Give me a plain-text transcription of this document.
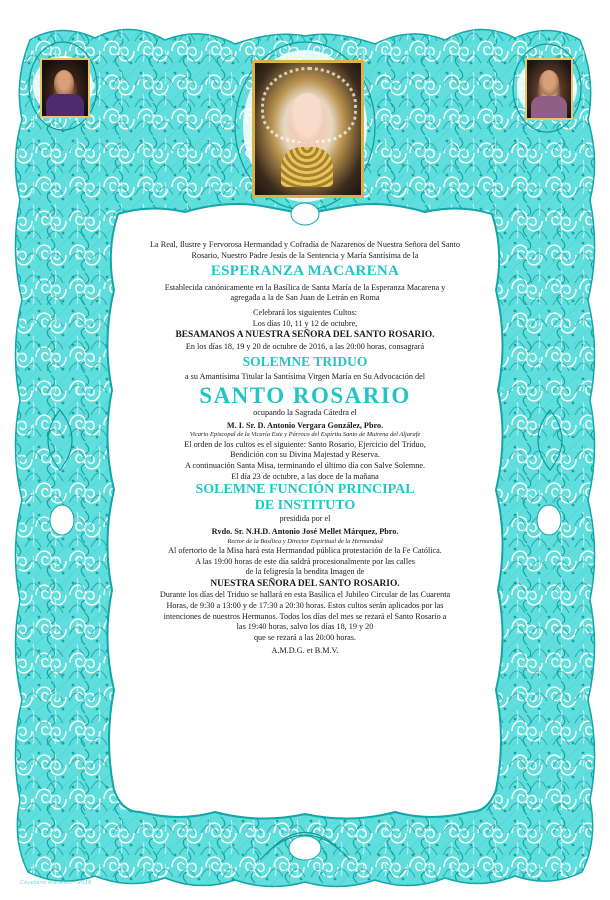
La Real, Ilustre y Fervorosa Hermandad y Cofradía de Nazarenos de Nuestra Señora del Santo
Rosario, Nuestro Padre Jesús de la Sentencia y María Santísima de la
ESPERANZA MACARENA
Establecida canónicamente en la Basílica de Santa María de la Esperanza Macarena y
agregada a la de San Juan de Letrán en Roma
Celebrará los siguientes Cultos:
Los días 10, 11 y 12 de octubre,
BESAMANOS A NUESTRA SEÑORA DEL SANTO ROSARIO.
En los días 18, 19 y 20 de octubre de 2016, a las 20:00 horas, consagrará
SOLEMNE TRIDUO
a su Amantísima Titular la Santísima Virgen María en Su Advocación del
SANTO ROSARIO
ocupando la Sagrada Cátedra el
M. I. Sr. D. Antonio Vergara González, Pbro.
Vicario Episcopal de la Vicaría Este y Párroco del Espíritu Santo de Mairena del Aljarafe
El orden de los cultos es el siguiente: Santo Rosario, Ejercicio del Triduo,
Bendición con su Divina Majestad y Reserva.
A continuación Santa Misa, terminando el último día con Salve Solemne.
El día 23 de octubre, a las doce de la mañana
SOLEMNE FUNCIÓN PRINCIPAL
DE INSTITUTO
presidida por el
Rvdo. Sr. N.H.D. Antonio José Mellet Márquez, Pbro.
Rector de la Basílica y Director Espiritual de la Hermandad
Al ofertorio de la Misa hará esta Hermandad pública protestación de la Fe Católica.
A las 19:00 horas de este día saldrá procesionalmente por las calles
de la feligresía la bendita Imagen de
NUESTRA SEÑORA DEL SANTO ROSARIO.
Durante los días del Triduo se hallará en esta Basílica el Jubileo Circular de las Cuarenta
Horas, de 9:30 a 13:00 y de 17:30 a 20:30 horas. Estos cultos serán aplicados por las
intenciones de nuestros Hermanos. Todos los días del mes se rezará el Santo Rosario a
las 19:40 horas, salvo los días 18, 19 y 20
que se rezará a las 20:00 horas.
A.M.D.G. et B.M.V.
Cayetano Marañón - 2016
